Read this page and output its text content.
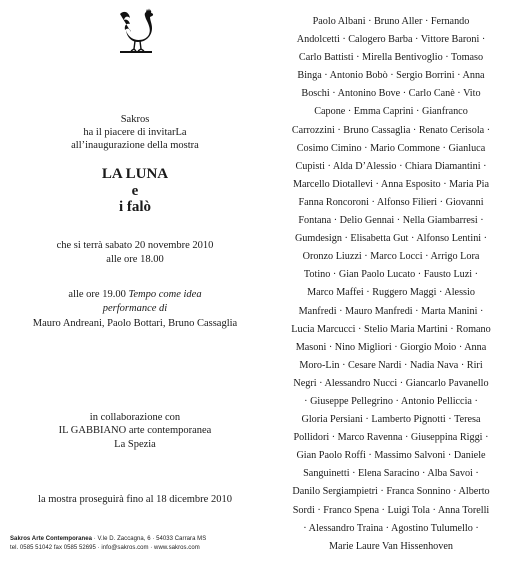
Sakros
ha il piacere di invitarLa
all’inaugurazione della mostra
LA LUNA
e
i falò
che si terrà sabato 20 novembre 2010
alle ore 18.00
alle ore 19.00 Tempo come idea
performance di
Mauro Andreani, Paolo Bottari, Bruno Cassaglia
in collaborazione con
IL GABBIANO arte contemporanea
La Spezia
la mostra proseguirà fino al 18 dicembre 2010
Sakros Arte Contemporanea · V.le D. Zaccagna, 6 · 54033 Carrara MS
tel. 0585 51042 fax 0585 52695 · info@sakros.com · www.sakros.com
Paolo Albani · Bruno Aller · Fernando
Andolcetti · Calogero Barba · Vittore Baroni ·
Carlo Battisti · Mirella Bentivoglio · Tomaso
Binga · Antonio Bobò · Sergio Borrini · Anna
Boschi · Antonino Bove · Carlo Canè · Vito
Capone · Emma Caprini · Gianfranco
Carrozzini · Bruno Cassaglia · Renato Cerisola ·
Cosimo Cimino · Mario Commone · Gianluca
Cupisti · Alda D’Alessio · Chiara Diamantini ·
Marcello Diotallevi · Anna Esposito · Maria Pia
Fanna Roncoroni · Alfonso Filieri · Giovanni
Fontana · Delio Gennai · Nella Giambarresi ·
Gumdesign · Elisabetta Gut · Alfonso Lentini ·
Oronzo Liuzzi · Marco Locci · Arrigo Lora
Totino · Gian Paolo Lucato · Fausto Luzi ·
Marco Maffei · Ruggero Maggi · Alessio
Manfredi · Mauro Manfredi · Marta Manini ·
Lucia Marcucci · Stelio Maria Martini · Romano
Masoni · Nino Migliori · Giorgio Moio · Anna
Moro-Lin · Cesare Nardi · Nadia Nava · Riri
Negri · Alessandro Nucci · Giancarlo Pavanello
· Giuseppe Pellegrino · Antonio Pelliccia ·
Gloria Persiani · Lamberto Pignotti · Teresa
Pollidori · Marco Ravenna · Giuseppina Riggi ·
Gian Paolo Roffi · Massimo Salvoni · Daniele
Sanguinetti · Elena Saracino · Alba Savoi ·
Danilo Sergiampietri · Franca Sonnino · Alberto
Sordi · Franco Spena · Luigi Tola · Anna Torelli
· Alessandro Traina · Agostino Tulumello ·
Marie Laure Van Hissenhoven
